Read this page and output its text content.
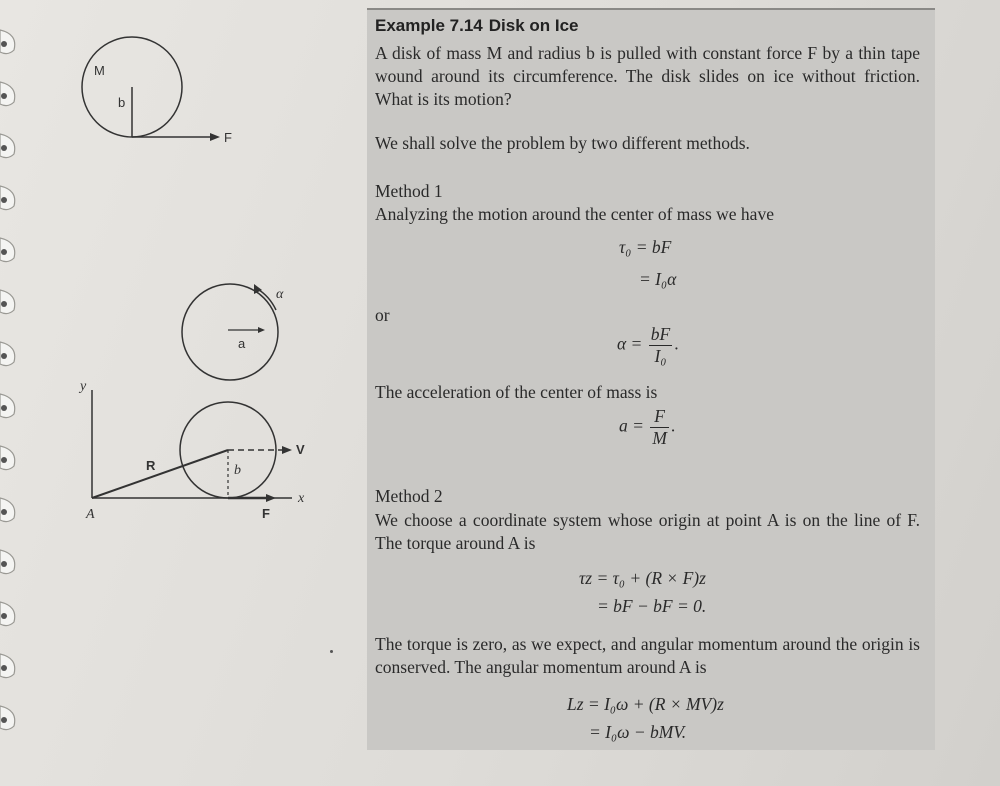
M
b
F
α
a
y
x
R	b
V
F
A
Example 7.14 Disk on Ice
A disk of mass M and radius b is pulled with constant force F by a thin tape wound around its circumference. The disk slides on ice without friction. What is its motion?
We shall solve the problem by two different methods.
Method 1
Analyzing the motion around the center of mass we have
τ₀ = bF
= I₀α
or
$\alpha = \frac{bF}{\text{I₀}}$ .
The acceleration of the center of mass is
$a = \frac{F}{M}$ .
Method 2
We choose a coordinate system whose origin at point A is on the line of F. The torque around A is
τz = τ₀ + (R × F)z
= bF − bF = 0.
The torque is zero, as we expect, and angular momentum around the origin is conserved. The angular momentum around A is
Lz = I₀ω + (R × MV)z
= I₀ω − bMV.
